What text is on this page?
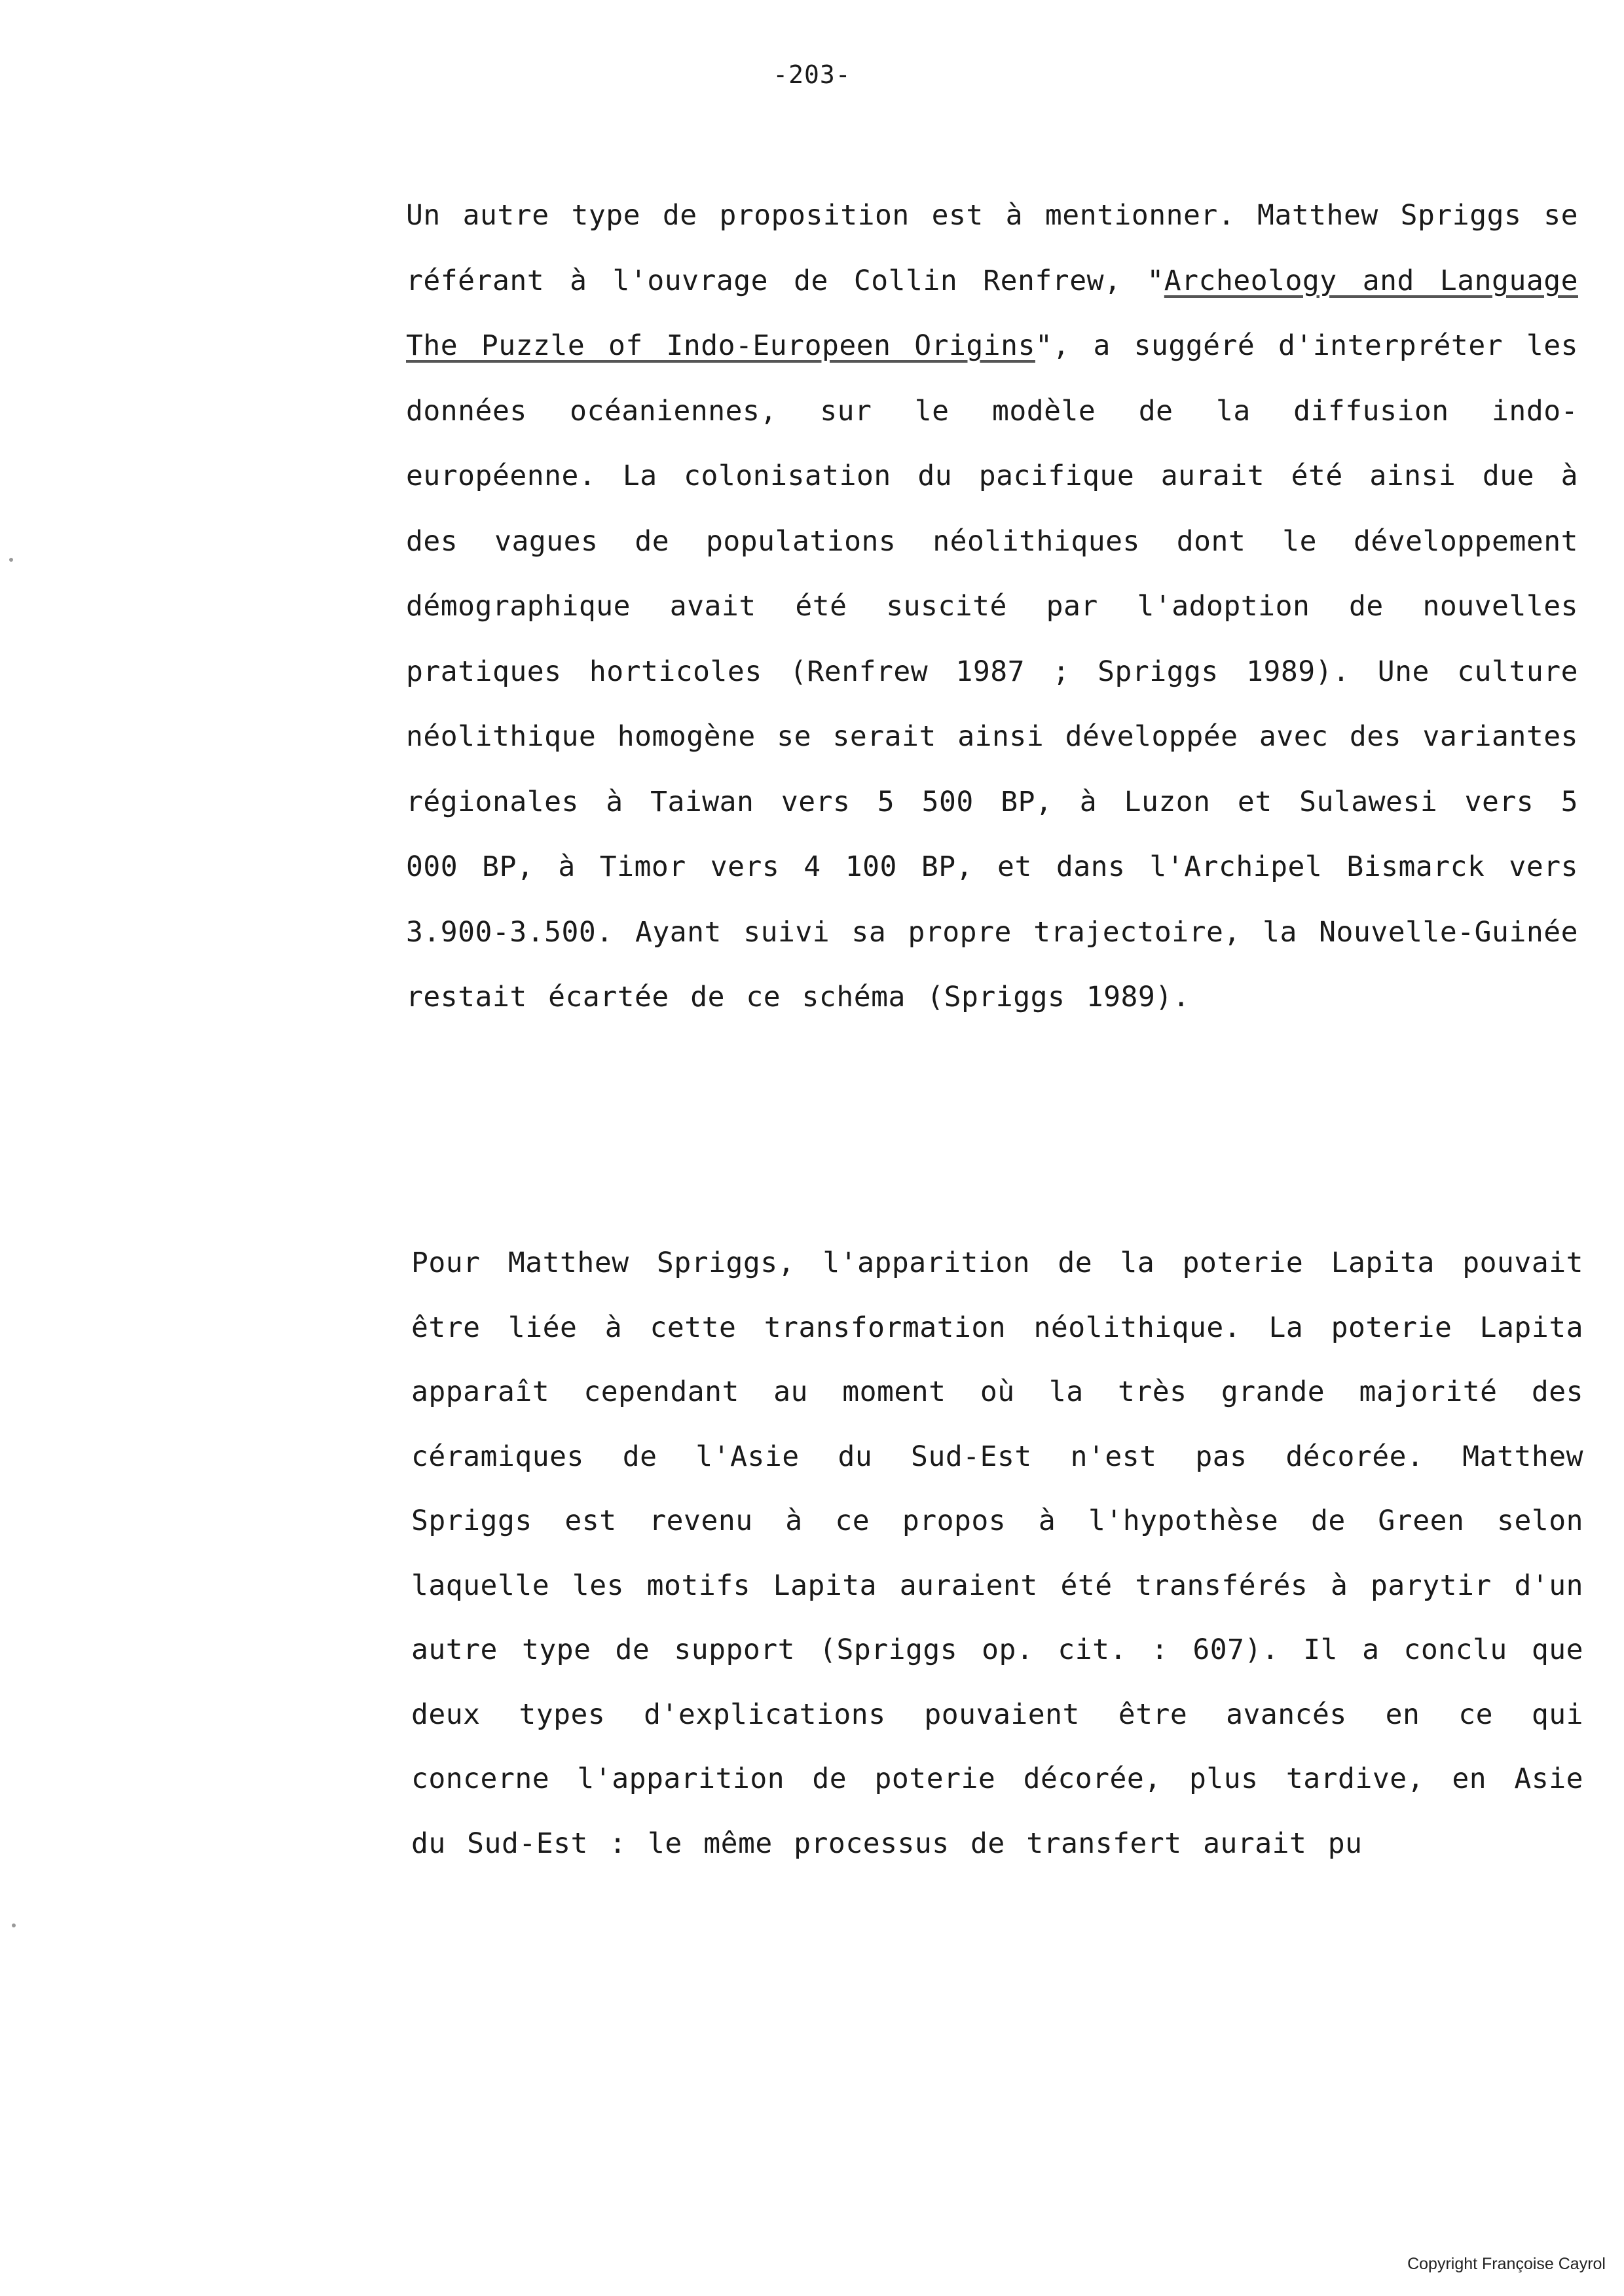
-203-

Un autre type de proposition est à mentionner. Matthew Spriggs se référant à l'ouvrage de Collin Renfrew, "Archeology and Language The Puzzle of Indo-Europeen Origins", a suggéré d'interpréter les données océaniennes, sur le modèle de la diffusion indo-européenne. La colonisation du pacifique aurait été ainsi due à des vagues de populations néolithiques dont le développement démographique avait été suscité par l'adoption de nouvelles pratiques horticoles (Renfrew 1987 ; Spriggs 1989). Une culture néolithique homogène se serait ainsi développée avec des variantes régionales à Taiwan vers 5 500 BP, à Luzon et Sulawesi vers 5 000 BP, à Timor vers 4 100 BP, et dans l'Archipel Bismarck vers 3.900-3.500. Ayant suivi sa propre trajectoire, la Nouvelle-Guinée restait écartée de ce schéma (Spriggs 1989).

Pour Matthew Spriggs, l'apparition de la poterie Lapita pouvait être liée à cette transformation néolithique. La poterie Lapita apparaît cependant au moment où la très grande majorité des céramiques de l'Asie du Sud-Est n'est pas décorée. Matthew Spriggs est revenu à ce propos à l'hypothèse de Green selon laquelle les motifs Lapita auraient été transférés à parytir d'un autre type de support (Spriggs op. cit. : 607). Il a conclu que deux types d'explications pouvaient être avancés en ce qui concerne l'apparition de poterie décorée, plus tardive, en Asie du Sud-Est : le même processus de transfert aurait pu

Copyright Françoise Cayrol
